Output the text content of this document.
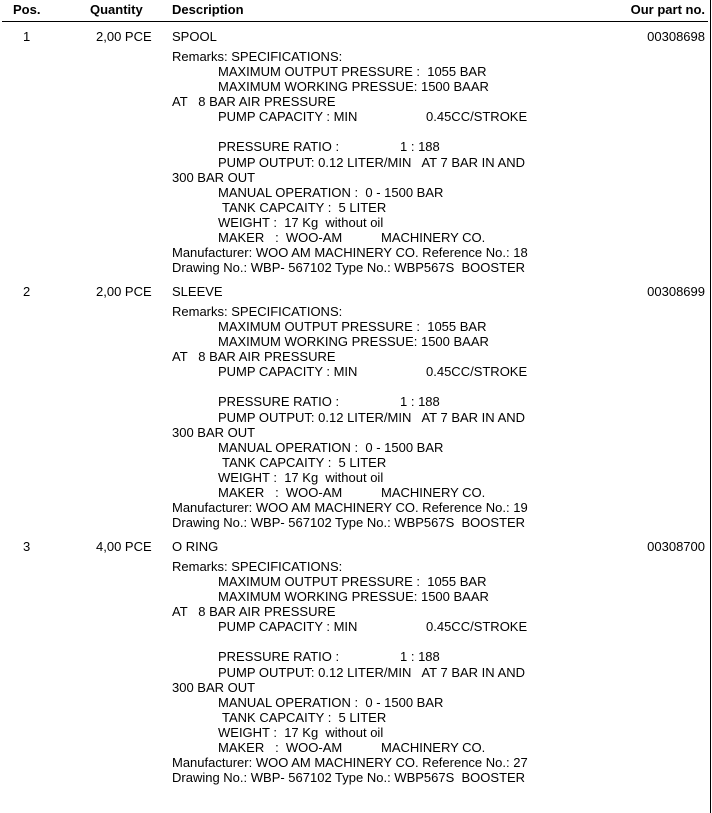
Pos.	Quantity Description	Our part no.
1	2,00 PCE SPOOL	00308698
Remarks: SPECIFICATIONS:
MAXIMUM OUTPUT PRESSURE :  1055 BAR
MAXIMUM WORKING PRESSUE: 1500 BAAR
AT   8 BAR AIR PRESSURE
PUMP CAPACITY : MIN	0.45CC/STROKE
PRESSURE RATIO :	1 : 188
PUMP OUTPUT: 0.12 LITER/MIN   AT 7 BAR IN AND
300 BAR OUT
MANUAL OPERATION :  0 - 1500 BAR
TANK CAPCAITY :  5 LITER
WEIGHT :  17 Kg  without oil
MAKER   :  WOO-AM	MACHINERY CO.
Manufacturer: WOO AM MACHINERY CO. Reference No.: 18
Drawing No.: WBP- 567102 Type No.: WBP567S  BOOSTER
2	2,00 PCE SLEEVE	00308699
Remarks: SPECIFICATIONS:
MAXIMUM OUTPUT PRESSURE :  1055 BAR
MAXIMUM WORKING PRESSUE: 1500 BAAR
AT   8 BAR AIR PRESSURE
PUMP CAPACITY : MIN	0.45CC/STROKE
PRESSURE RATIO :	1 : 188
PUMP OUTPUT: 0.12 LITER/MIN   AT 7 BAR IN AND
300 BAR OUT
MANUAL OPERATION :  0 - 1500 BAR
TANK CAPCAITY :  5 LITER
WEIGHT :  17 Kg  without oil
MAKER   :  WOO-AM	MACHINERY CO.
Manufacturer: WOO AM MACHINERY CO. Reference No.: 19
Drawing No.: WBP- 567102 Type No.: WBP567S  BOOSTER
3	4,00 PCE O RING	00308700
Remarks: SPECIFICATIONS:
MAXIMUM OUTPUT PRESSURE :  1055 BAR
MAXIMUM WORKING PRESSUE: 1500 BAAR
AT   8 BAR AIR PRESSURE
PUMP CAPACITY : MIN	0.45CC/STROKE
PRESSURE RATIO :	1 : 188
PUMP OUTPUT: 0.12 LITER/MIN   AT 7 BAR IN AND
300 BAR OUT
MANUAL OPERATION :  0 - 1500 BAR
TANK CAPCAITY :  5 LITER
WEIGHT :  17 Kg  without oil
MAKER   :  WOO-AM	MACHINERY CO.
Manufacturer: WOO AM MACHINERY CO. Reference No.: 27
Drawing No.: WBP- 567102 Type No.: WBP567S  BOOSTER
